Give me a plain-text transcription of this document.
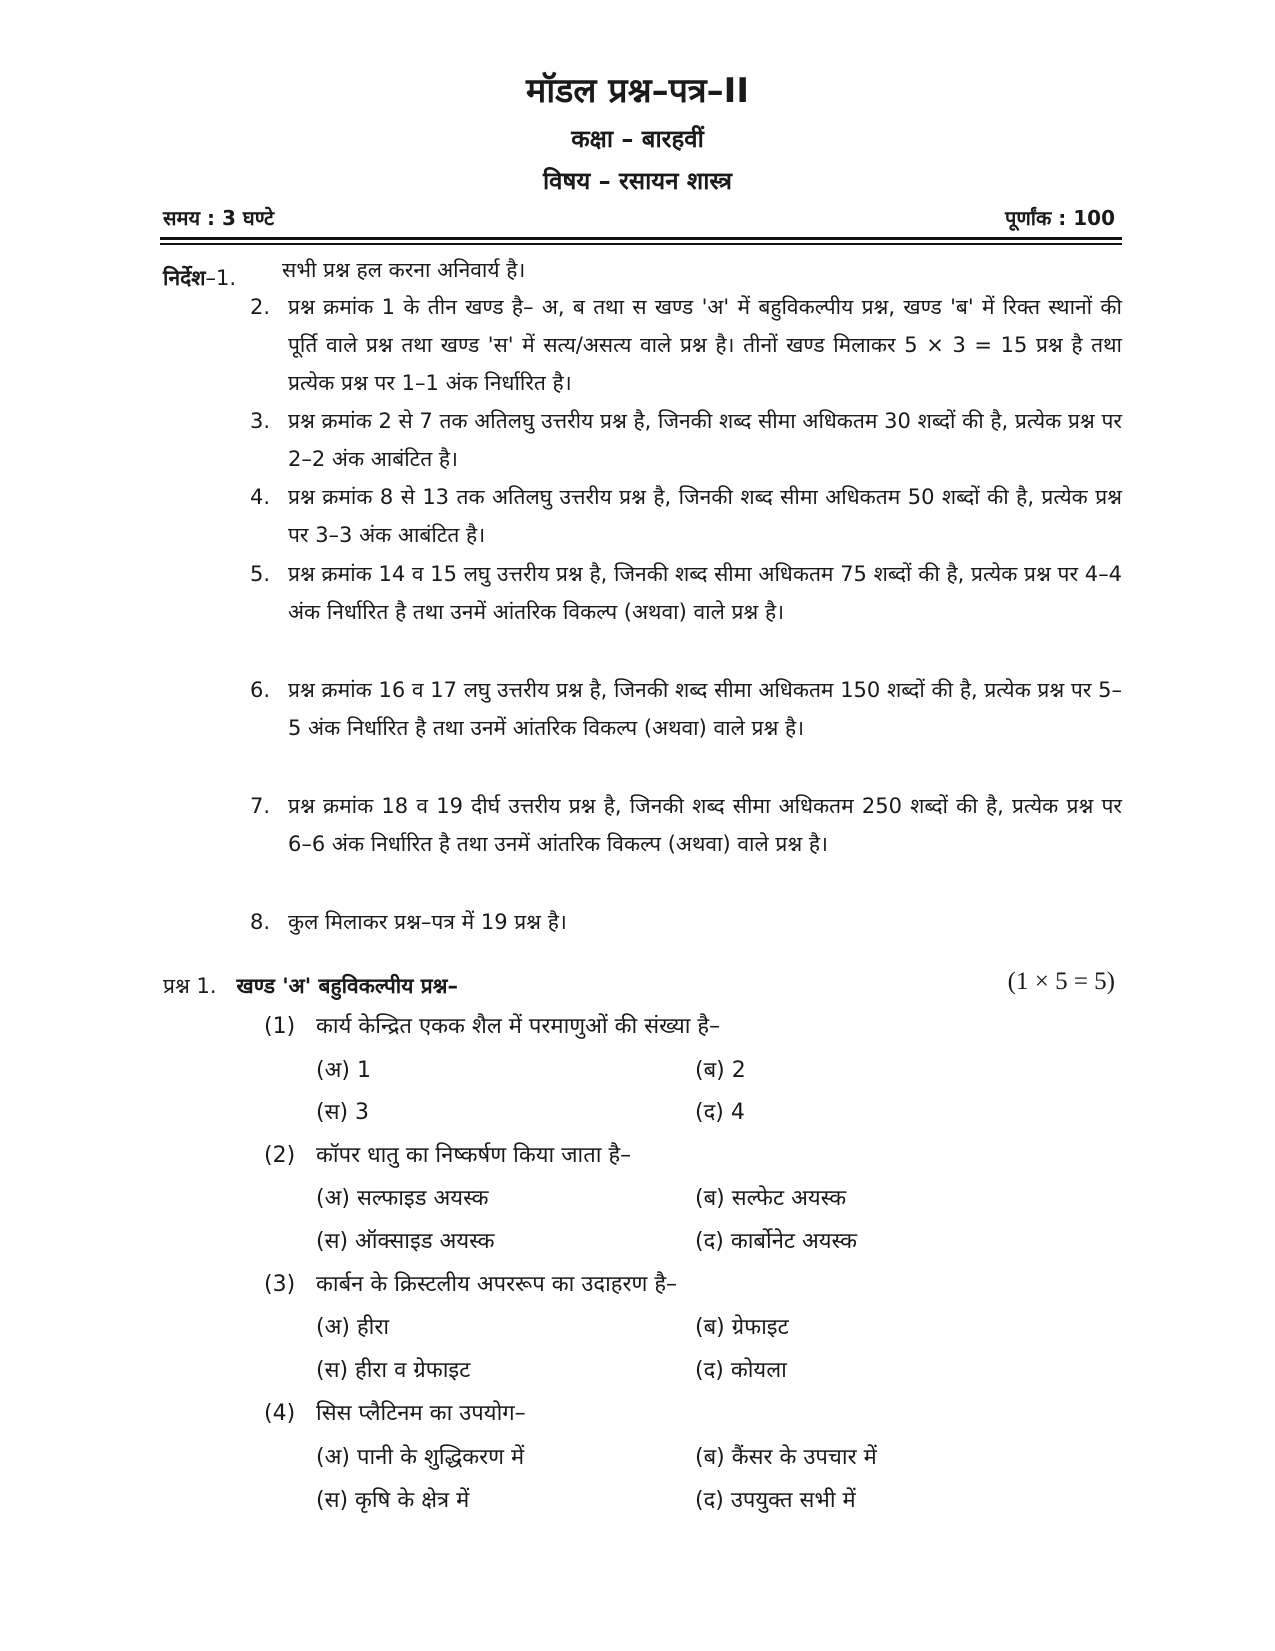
मॉडल प्रश्न–पत्र–II
कक्षा – बारहवीं
विषय – रसायन शास्त्र
समय : 3 घण्टे	पूर्णांक : 100
निर्देश–1. सभी प्रश्न हल करना अनिवार्य है।
2. प्रश्न क्रमांक 1 के तीन खण्ड है– अ, ब तथा स खण्ड 'अ' में बहुविकल्पीय प्रश्न, खण्ड 'ब' में रिक्त स्थानों की पूर्ति वाले प्रश्न तथा खण्ड 'स' में सत्य/असत्य वाले प्रश्न है। तीनों खण्ड मिलाकर 5 × 3 = 15 प्रश्न है तथा प्रत्येक प्रश्न पर 1–1 अंक निर्धारित है।
3. प्रश्न क्रमांक 2 से 7 तक अतिलघु उत्तरीय प्रश्न है, जिनकी शब्द सीमा अधिकतम 30 शब्दों की है, प्रत्येक प्रश्न पर 2–2 अंक आबंटित है।
4. प्रश्न क्रमांक 8 से 13 तक अतिलघु उत्तरीय प्रश्न है, जिनकी शब्द सीमा अधिकतम 50 शब्दों की है, प्रत्येक प्रश्न पर 3–3 अंक आबंटित है।
5. प्रश्न क्रमांक 14 व 15 लघु उत्तरीय प्रश्न है, जिनकी शब्द सीमा अधिकतम 75 शब्दों की है, प्रत्येक प्रश्न पर 4–4 अंक निर्धारित है तथा उनमें आंतरिक विकल्प (अथवा) वाले प्रश्न है।
6. प्रश्न क्रमांक 16 व 17 लघु उत्तरीय प्रश्न है, जिनकी शब्द सीमा अधिकतम 150 शब्दों की है, प्रत्येक प्रश्न पर 5–5 अंक निर्धारित है तथा उनमें आंतरिक विकल्प (अथवा) वाले प्रश्न है।
7. प्रश्न क्रमांक 18 व 19 दीर्घ उत्तरीय प्रश्न है, जिनकी शब्द सीमा अधिकतम 250 शब्दों की है, प्रत्येक प्रश्न पर 6–6 अंक निर्धारित है तथा उनमें आंतरिक विकल्प (अथवा) वाले प्रश्न है।
8. कुल मिलाकर प्रश्न–पत्र में 19 प्रश्न है।
प्रश्न 1. खण्ड 'अ' बहुविकल्पीय प्रश्न–	(1 × 5 = 5)
(1) कार्य केन्द्रित एकक शैल में परमाणुओं की संख्या है–
(अ) 1	(ब) 2
(स) 3	(द) 4
(2) कॉपर धातु का निष्कर्षण किया जाता है–
(अ) सल्फाइड अयस्क	(ब) सल्फेट अयस्क
(स) ऑक्साइड अयस्क	(द) कार्बोनेट अयस्क
(3) कार्बन के क्रिस्टलीय अपररूप का उदाहरण है–
(अ) हीरा	(ब) ग्रेफाइट
(स) हीरा व ग्रेफाइट	(द) कोयला
(4) सिस प्लैटिनम का उपयोग–
(अ) पानी के शुद्धिकरण में	(ब) कैंसर के उपचार में
(स) कृषि के क्षेत्र में	(द) उपयुक्त सभी में
